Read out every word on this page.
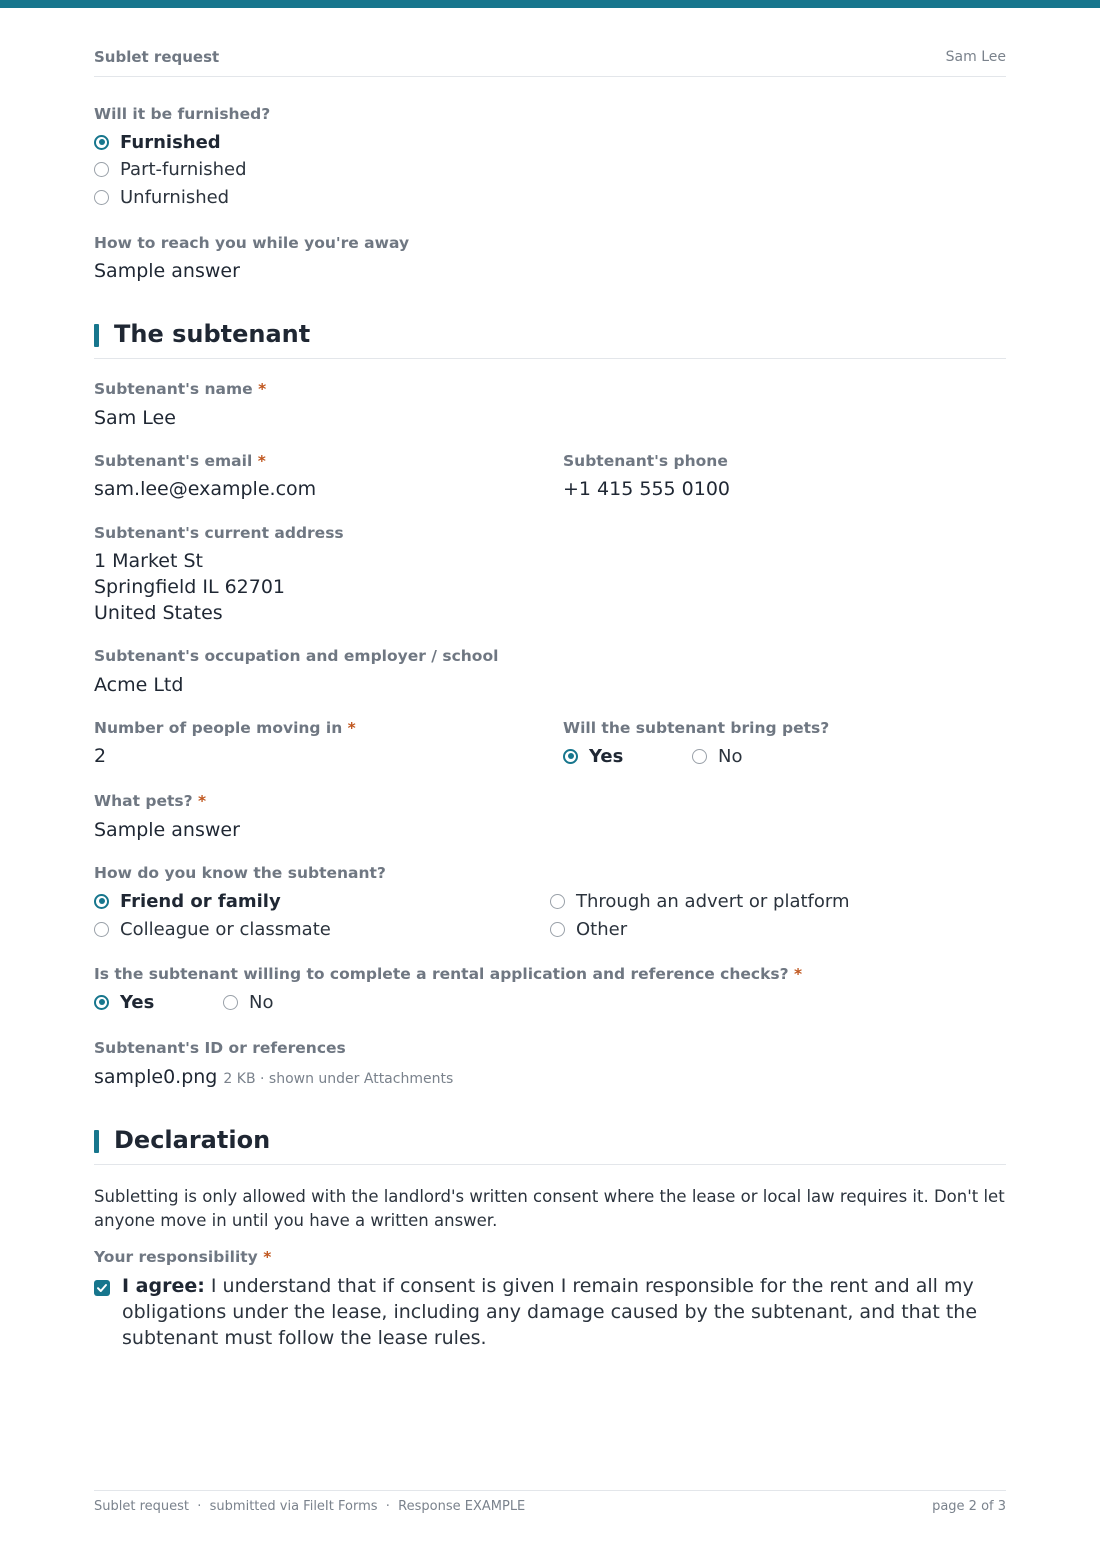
Sublet request	Sam Lee
Will it be furnished?
Furnished
Part-furnished
Unfurnished
How to reach you while you're away
Sample answer
The subtenant
Subtenant's name *
Sam Lee
Subtenant's email *
sam.lee@example.com
Subtenant's phone
+1 415 555 0100
Subtenant's current address
1 Market St
Springfield IL 62701
United States
Subtenant's occupation and employer / school
Acme Ltd
Number of people moving in *
2
Will the subtenant bring pets?
Yes	No
What pets? *
Sample answer
How do you know the subtenant?
Friend or family
Colleague or classmate
Through an advert or platform
Other
Is the subtenant willing to complete a rental application and reference checks? *
Yes	No
Subtenant's ID or references
sample0.png 2 KB · shown under Attachments
Declaration
Subletting is only allowed with the landlord's written consent where the lease or local law requires it. Don't let anyone move in until you have a written answer.
Your responsibility *
I agree: I understand that if consent is given I remain responsible for the rent and all my obligations under the lease, including any damage caused by the subtenant, and that the subtenant must follow the lease rules.
Sublet request  ·  submitted via FileIt Forms  ·  Response EXAMPLE	page 2 of 3
